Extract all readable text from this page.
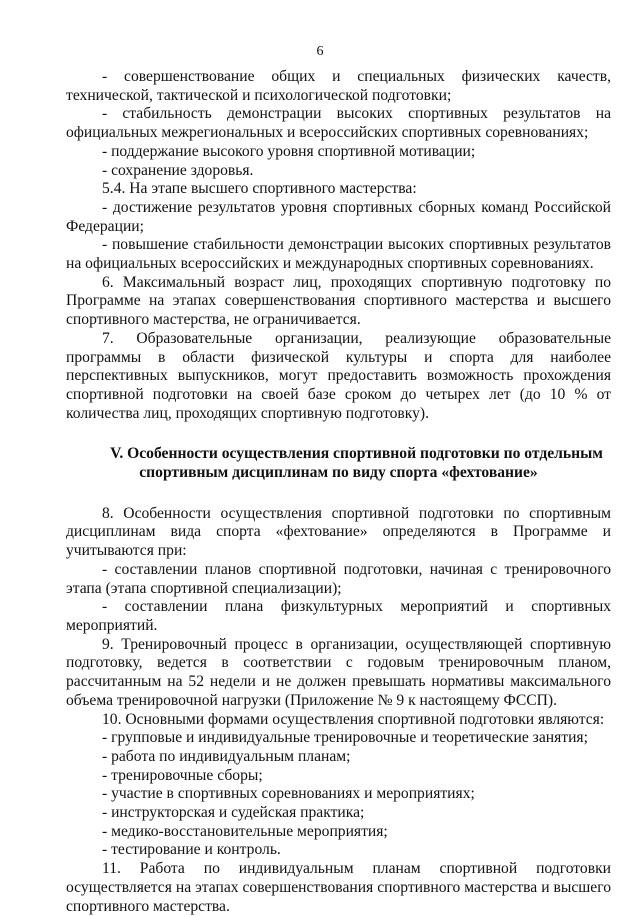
6

- совершенствование общих и специальных физических качеств, технической, тактической и психологической подготовки;

- стабильность демонстрации высоких спортивных результатов на официальных межрегиональных и всероссийских спортивных соревнованиях;

- поддержание высокого уровня спортивной мотивации;

- сохранение здоровья.

5.4. На этапе высшего спортивного мастерства:

- достижение результатов уровня спортивных сборных команд Российской Федерации;

- повышение стабильности демонстрации высоких спортивных результатов на официальных всероссийских и международных спортивных соревнованиях.

6. Максимальный возраст лиц, проходящих спортивную подготовку по Программе на этапах совершенствования спортивного мастерства и высшего спортивного мастерства, не ограничивается.

7. Образовательные организации, реализующие образовательные программы в области физической культуры и спорта для наиболее перспективных выпускников, могут предоставить возможность прохождения спортивной подготовки на своей базе сроком до четырех лет (до 10 % от количества лиц, проходящих спортивную подготовку).

V. Особенности осуществления спортивной подготовки по отдельным спортивным дисциплинам по виду спорта «фехтование»

8. Особенности осуществления спортивной подготовки по спортивным дисциплинам вида спорта «фехтование» определяются в Программе и учитываются при:

- составлении планов спортивной подготовки, начиная с тренировочного этапа (этапа спортивной специализации);

- составлении плана физкультурных мероприятий и спортивных мероприятий.

9. Тренировочный процесс в организации, осуществляющей спортивную подготовку, ведется в соответствии с годовым тренировочным планом, рассчитанным на 52 недели и не должен превышать нормативы максимального объема тренировочной нагрузки (Приложение № 9 к настоящему ФССП).

10. Основными формами осуществления спортивной подготовки являются:

- групповые и индивидуальные тренировочные и теоретические занятия;

- работа по индивидуальным планам;

- тренировочные сборы;

- участие в спортивных соревнованиях и мероприятиях;

- инструкторская и судейская практика;

- медико-восстановительные мероприятия;

- тестирование и контроль.

11. Работа по индивидуальным планам спортивной подготовки осуществляется на этапах совершенствования спортивного мастерства и высшего спортивного мастерства.
